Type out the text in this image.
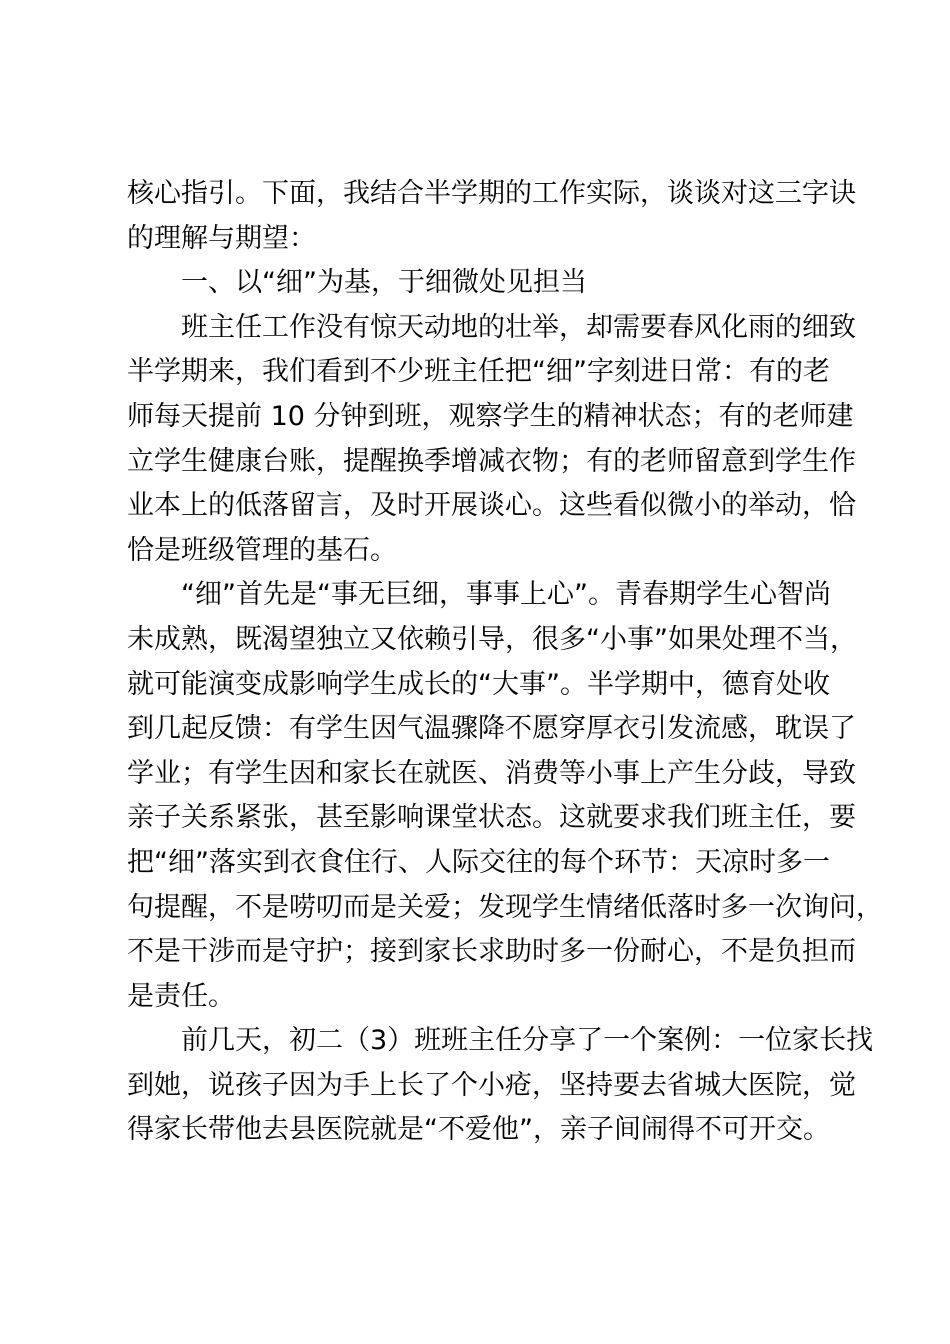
核心指引。下面，我结合半学期的工作实际，谈谈对这三字诀
的理解与期望：
一、以“细”为基，于细微处见担当
班主任工作没有惊天动地的壮举，却需要春风化雨的细致
半学期来，我们看到不少班主任把“细”字刻进日常：有的老
师每天提前 10 分钟到班，观察学生的精神状态；有的老师建
立学生健康台账，提醒换季增减衣物；有的老师留意到学生作
业本上的低落留言，及时开展谈心。这些看似微小的举动，恰
恰是班级管理的基石。
“细”首先是“事无巨细，事事上心”。青春期学生心智尚
未成熟，既渴望独立又依赖引导，很多“小事”如果处理不当，
就可能演变成影响学生成长的“大事”。半学期中，德育处收
到几起反馈：有学生因气温骤降不愿穿厚衣引发流感，耽误了
学业；有学生因和家长在就医、消费等小事上产生分歧，导致
亲子关系紧张，甚至影响课堂状态。这就要求我们班主任，要
把“细”落实到衣食住行、人际交往的每个环节：天凉时多一
句提醒，不是唠叨而是关爱；发现学生情绪低落时多一次询问，
不是干涉而是守护；接到家长求助时多一份耐心，不是负担而
是责任。
前几天，初二（3）班班主任分享了一个案例：一位家长找
到她，说孩子因为手上长了个小疮，坚持要去省城大医院，觉
得家长带他去县医院就是“不爱他”，亲子间闹得不可开交。
